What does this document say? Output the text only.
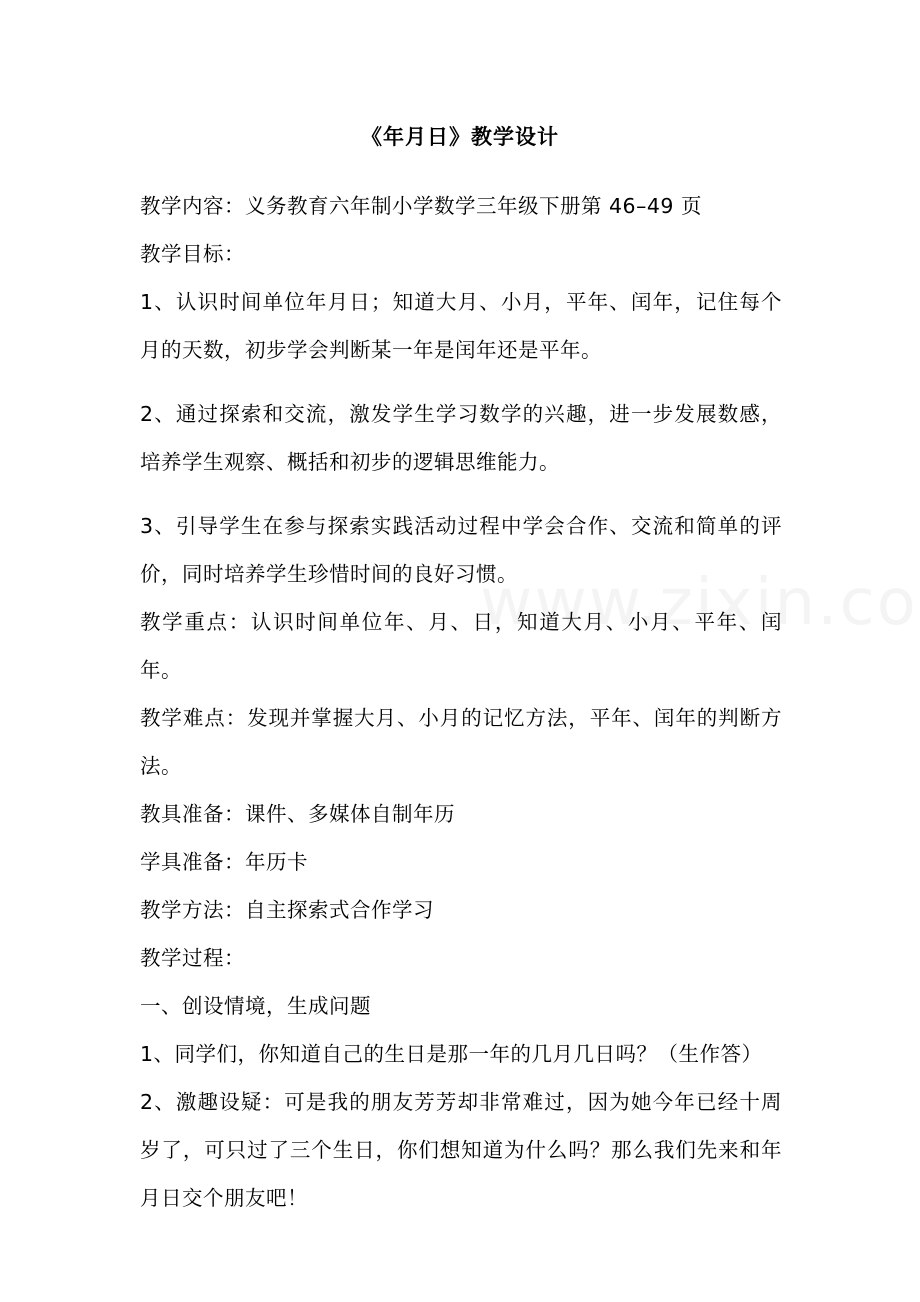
《年月日》教学设计

教学内容：义务教育六年制小学数学三年级下册第 46–49 页

教学目标：

1、认识时间单位年月日；知道大月、小月，平年、闰年，记住每个月的天数，初步学会判断某一年是闰年还是平年。

2、通过探索和交流，激发学生学习数学的兴趣，进一步发展数感，培养学生观察、概括和初步的逻辑思维能力。

3、引导学生在参与探索实践活动过程中学会合作、交流和简单的评价，同时培养学生珍惜时间的良好习惯。

教学重点：认识时间单位年、月、日，知道大月、小月、平年、闰年。

教学难点：发现并掌握大月、小月的记忆方法，平年、闰年的判断方法。

教具准备：课件、多媒体自制年历

学具准备：年历卡

教学方法：自主探索式合作学习

教学过程：

一、创设情境，生成问题

1、同学们，你知道自己的生日是那一年的几月几日吗？（生作答）

2、激趣设疑：可是我的朋友芳芳却非常难过，因为她今年已经十周岁了，可只过了三个生日，你们想知道为什么吗？那么我们先来和年月日交个朋友吧！
